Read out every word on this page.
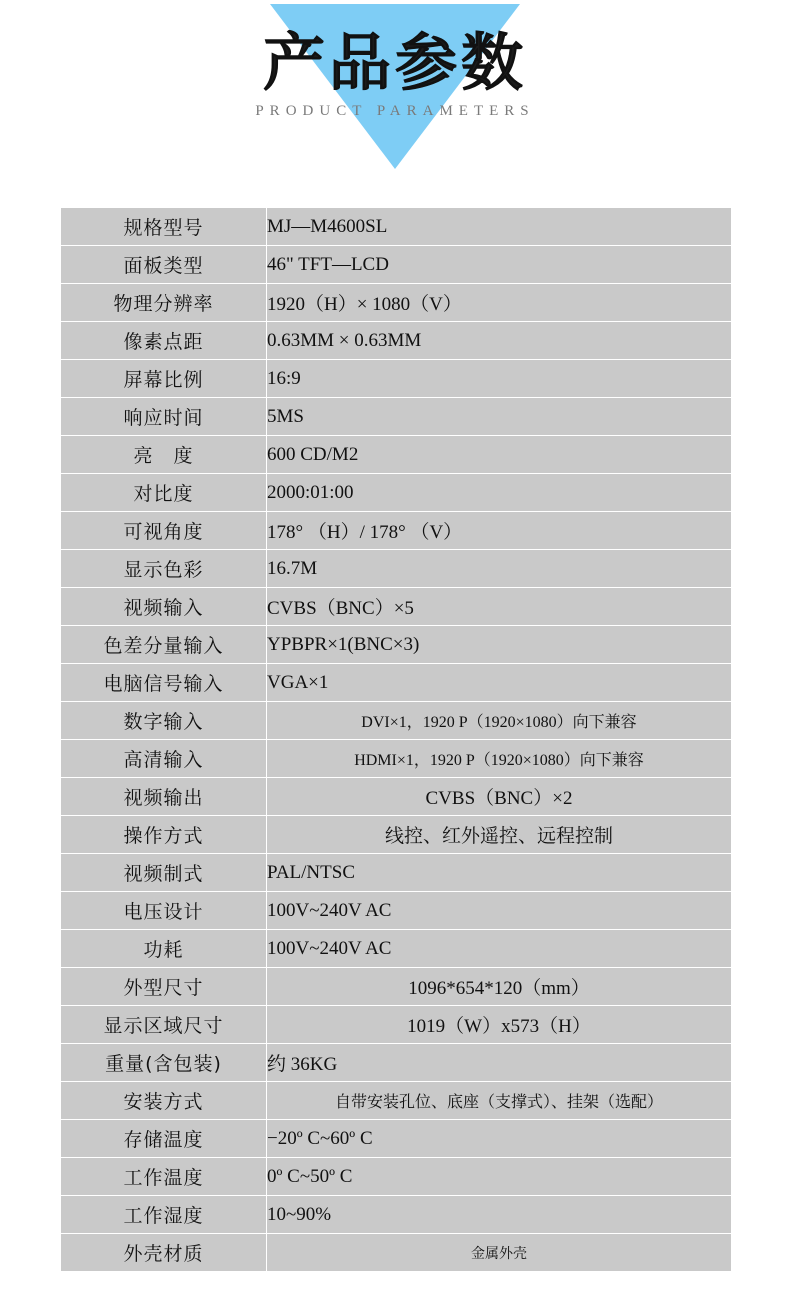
产品参数
PRODUCT PARAMETERS
规格型号	MJ—M4600SL
面板类型	46" TFT—LCD
物理分辨率	1920（H）× 1080（V）
像素点距	0.63MM × 0.63MM
屏幕比例	16:9
响应时间	5MS
亮　度	600 CD/M2
对比度	2000:01:00
可视角度	178° （H）/ 178° （V）
显示色彩	16.7M
视频输入	CVBS（BNC）×5
色差分量输入	YPBPR×1(BNC×3)
电脑信号输入	VGA×1
数字输入	DVI×1，1920 P（1920×1080）向下兼容
高清输入	HDMI×1，1920 P（1920×1080）向下兼容
视频输出	CVBS（BNC）×2
操作方式	线控、红外遥控、远程控制
视频制式	PAL/NTSC
电压设计	100V~240V AC
功耗	100V~240V AC
外型尺寸	1096*654*120（mm）
显示区域尺寸	1019（W）x573（H）
重量(含包装)	约 36KG
安装方式	自带安装孔位、底座（支撑式）、挂架（选配）
存储温度	−20º C~60º C
工作温度	0º C~50º C
工作湿度	10~90%
外壳材质	金属外壳
